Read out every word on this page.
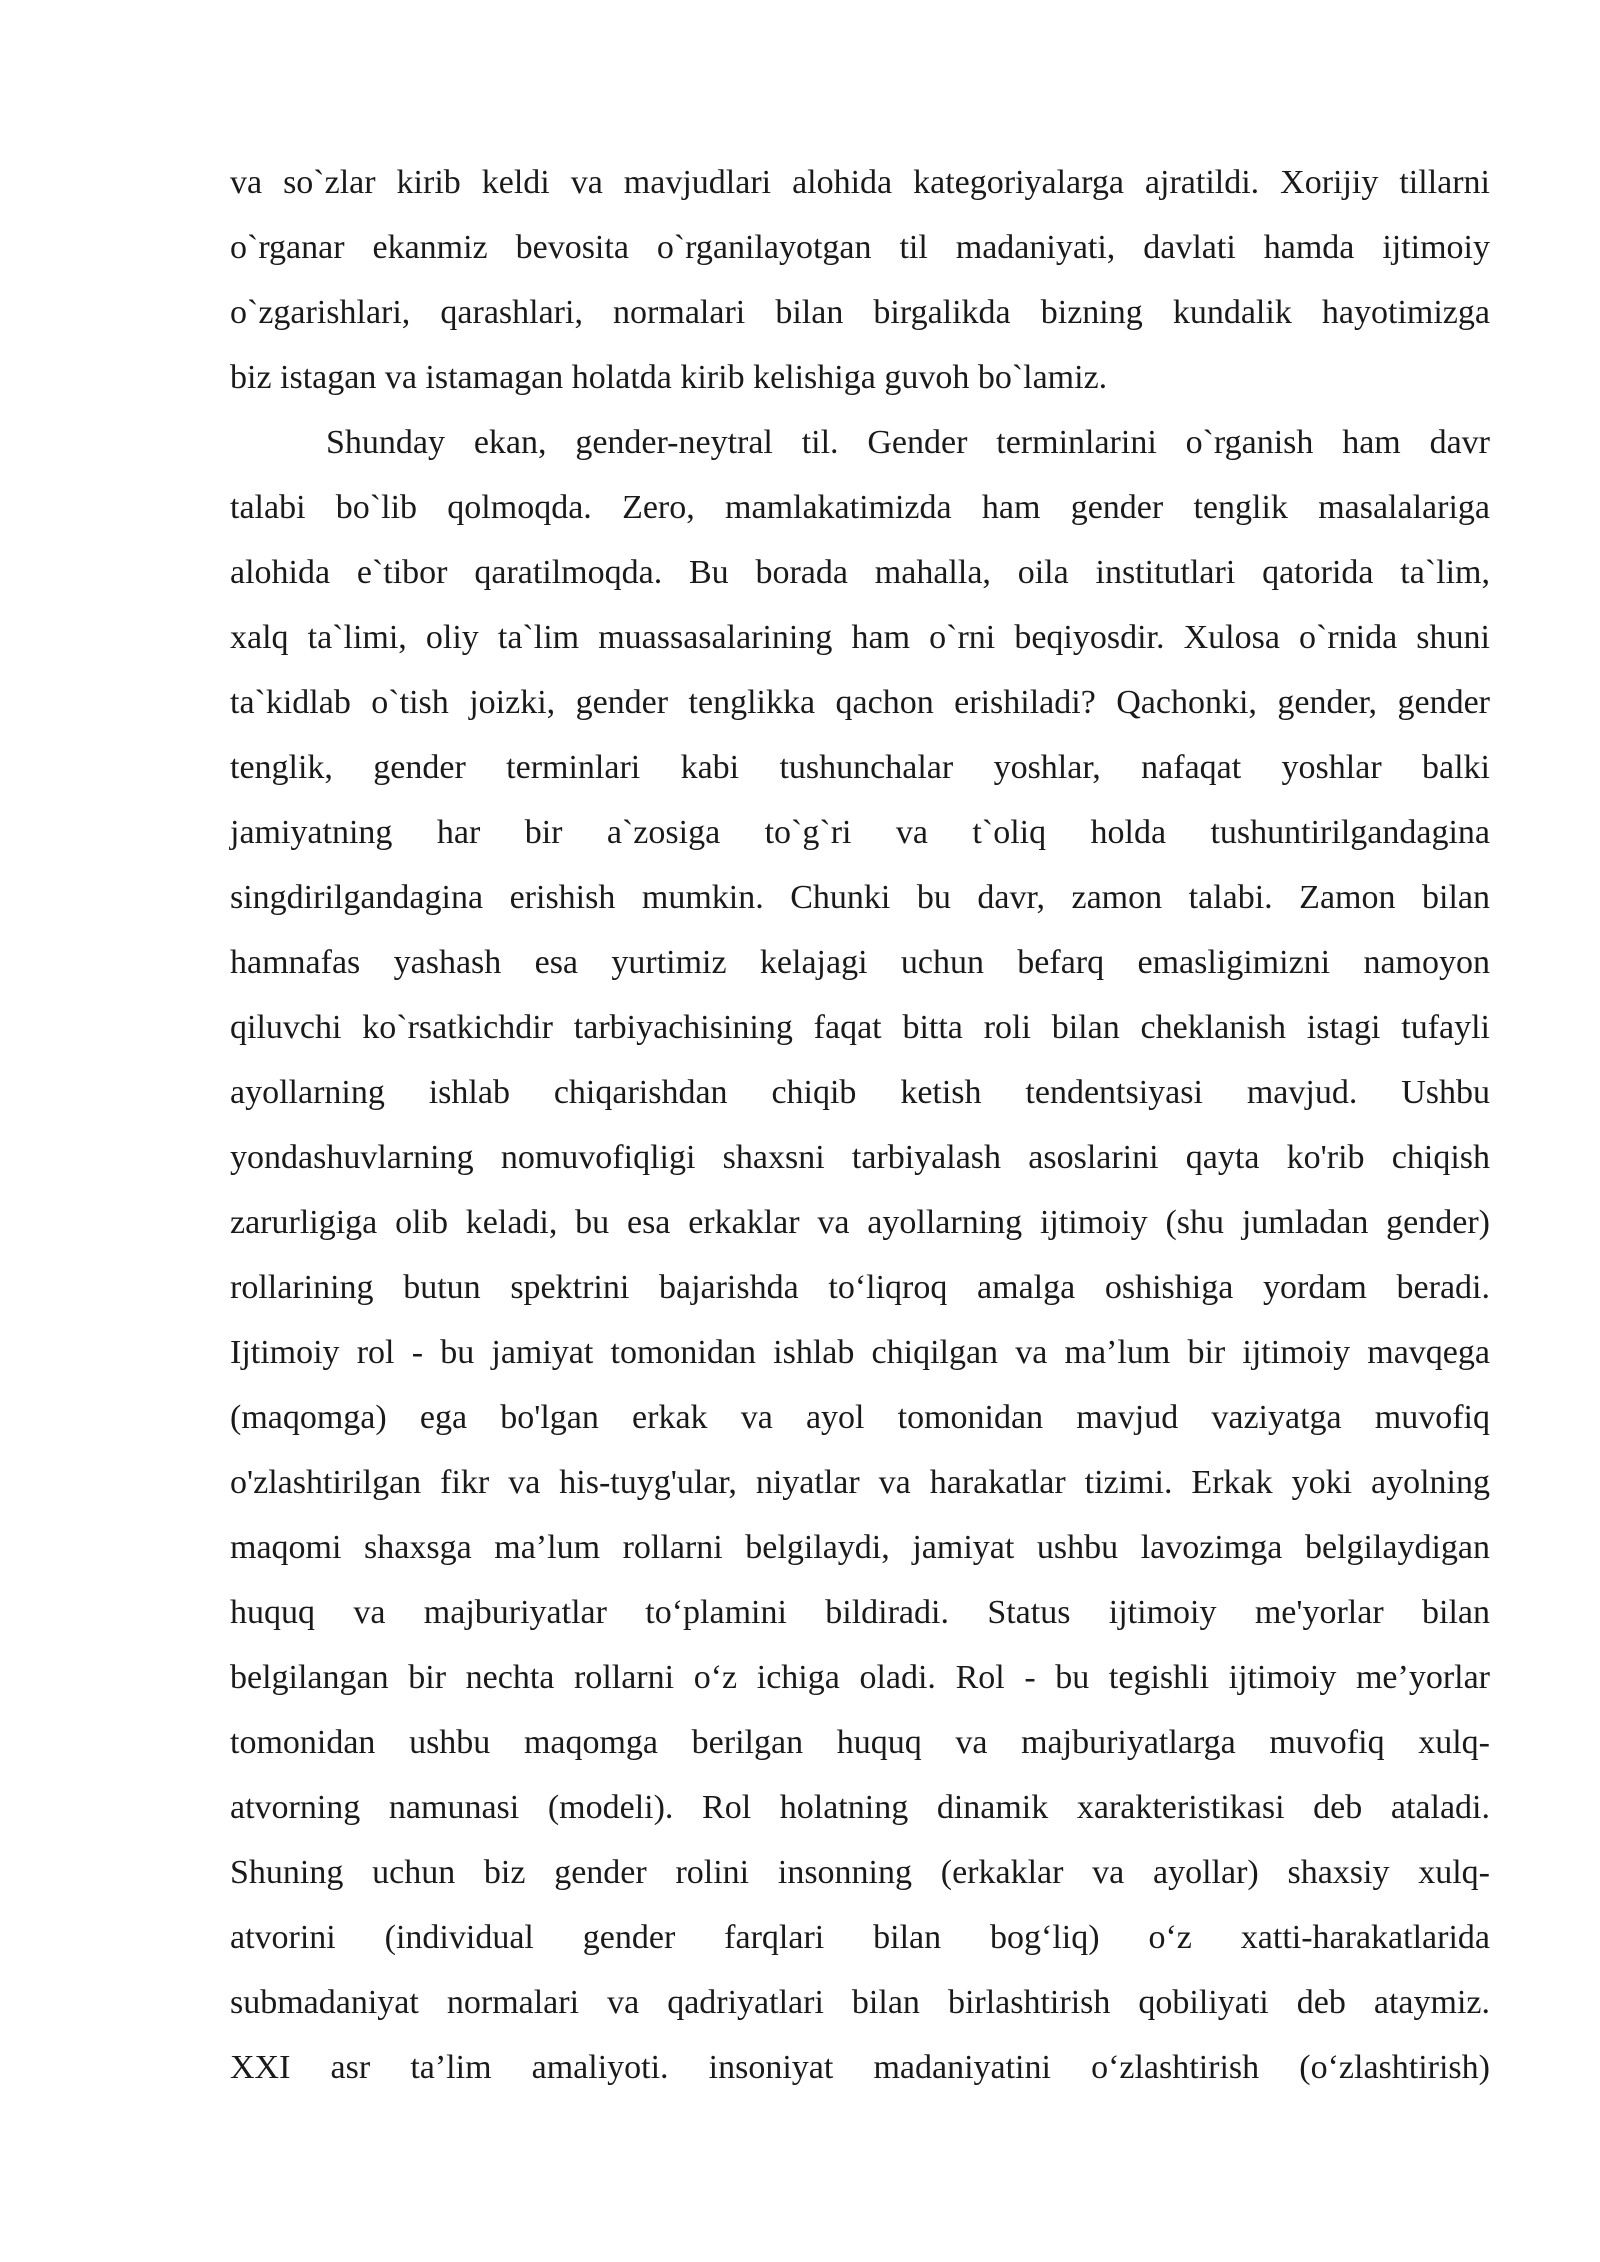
va so`zlar kirib keldi va mavjudlari alohida kategoriyalarga ajratildi. Xorijiy tillarni
o`rganar ekanmiz bevosita o`rganilayotgan til madaniyati, davlati hamda ijtimoiy
o`zgarishlari, qarashlari, normalari bilan birgalikda bizning kundalik hayotimizga
biz istagan va istamagan holatda kirib kelishiga guvoh bo`lamiz.
Shunday ekan, gender-neytral til. Gender terminlarini o`rganish ham davr
talabi bo`lib qolmoqda. Zero, mamlakatimizda ham gender tenglik masalalariga
alohida e`tibor qaratilmoqda. Bu borada mahalla, oila institutlari qatorida ta`lim,
xalq ta`limi, oliy ta`lim muassasalarining ham o`rni beqiyosdir. Xulosa o`rnida shuni
ta`kidlab o`tish joizki, gender tenglikka qachon erishiladi? Qachonki, gender, gender
tenglik, gender terminlari kabi tushunchalar yoshlar, nafaqat yoshlar balki
jamiyatning har bir a`zosiga to`g`ri va t`oliq holda tushuntirilgandagina
singdirilgandagina erishish mumkin. Chunki bu davr, zamon talabi. Zamon bilan
hamnafas yashash esa yurtimiz kelajagi uchun befarq emasligimizni namoyon
qiluvchi ko`rsatkichdir tarbiyachisining faqat bitta roli bilan cheklanish istagi tufayli
ayollarning ishlab chiqarishdan chiqib ketish tendentsiyasi mavjud. Ushbu
yondashuvlarning nomuvofiqligi shaxsni tarbiyalash asoslarini qayta ko'rib chiqish
zarurligiga olib keladi, bu esa erkaklar va ayollarning ijtimoiy (shu jumladan gender)
rollarining butun spektrini bajarishda to‘liqroq amalga oshishiga yordam beradi.
Ijtimoiy rol - bu jamiyat tomonidan ishlab chiqilgan va ma’lum bir ijtimoiy mavqega
(maqomga) ega bo'lgan erkak va ayol tomonidan mavjud vaziyatga muvofiq
o'zlashtirilgan fikr va his-tuyg'ular, niyatlar va harakatlar tizimi. Erkak yoki ayolning
maqomi shaxsga ma’lum rollarni belgilaydi, jamiyat ushbu lavozimga belgilaydigan
huquq va majburiyatlar to‘plamini bildiradi. Status ijtimoiy me'yorlar bilan
belgilangan bir nechta rollarni o‘z ichiga oladi. Rol - bu tegishli ijtimoiy me’yorlar
tomonidan ushbu maqomga berilgan huquq va majburiyatlarga muvofiq xulq-
atvorning namunasi (modeli). Rol holatning dinamik xarakteristikasi deb ataladi.
Shuning uchun biz gender rolini insonning (erkaklar va ayollar) shaxsiy xulq-
atvorini (individual gender farqlari bilan bog‘liq) o‘z xatti-harakatlarida
submadaniyat normalari va qadriyatlari bilan birlashtirish qobiliyati deb ataymiz.
XXI asr ta’lim amaliyoti. insoniyat madaniyatini o‘zlashtirish (o‘zlashtirish)
